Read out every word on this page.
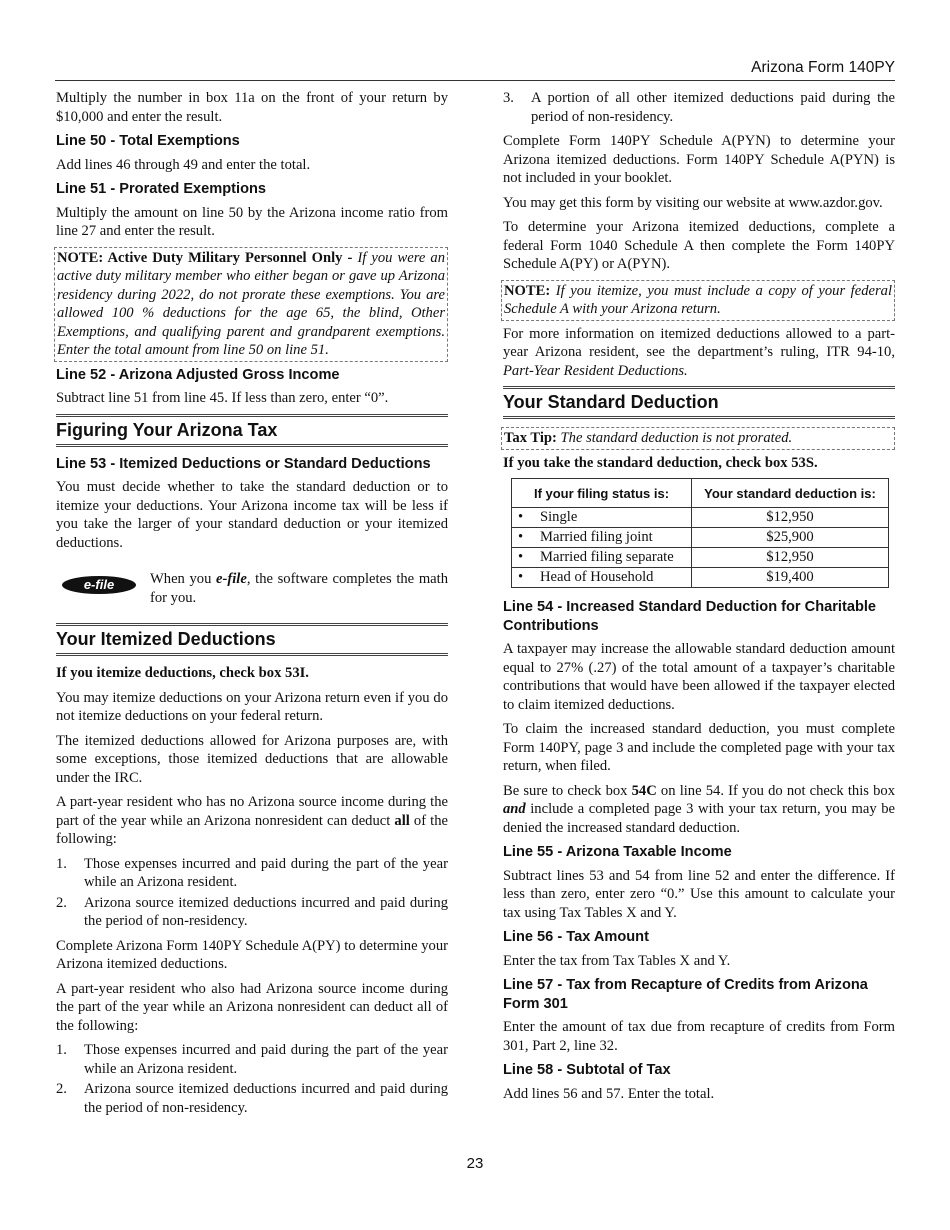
Arizona Form 140PY

Multiply the number in box 11a on the front of your return by $10,000 and enter the result.

Line 50 - Total Exemptions

Add lines 46 through 49 and enter the total.

Line 51 - Prorated Exemptions

Multiply the amount on line 50 by the Arizona income ratio from line 27 and enter the result.

NOTE: Active Duty Military Personnel Only - If you were an active duty military member who either began or gave up Arizona residency during 2022, do not prorate these exemptions. You are allowed 100 % deductions for the age 65, the blind, Other Exemptions, and qualifying parent and grandparent exemptions. Enter the total amount from line 50 on line 51.
Line 52 - Arizona Adjusted Gross Income

Subtract line 51 from line 45. If less than zero, enter “0”.

Figuring Your Arizona Tax
Line 53 - Itemized Deductions or Standard Deductions

You must decide whether to take the standard deduction or to itemize your deductions. Your Arizona income tax will be less if you take the larger of your standard deduction or your itemized deductions.

e-file	When you e-file, the software completes the math for you.

Your Itemized Deductions

If you itemize deductions, check box 53I.

You may itemize deductions on your Arizona return even if you do not itemize deductions on your federal return.

The itemized deductions allowed for Arizona purposes are, with some exceptions, those itemized deductions that are allowable under the IRC.

A part-year resident who has no Arizona source income during the part of the year while an Arizona nonresident can deduct all of the following:

1. Those expenses incurred and paid during the part of the year while an Arizona resident.
2. Arizona source itemized deductions incurred and paid during the period of non-residency.

Complete Arizona Form 140PY Schedule A(PY) to determine your Arizona itemized deductions.

A part-year resident who also had Arizona source income during the part of the year while an Arizona nonresident can deduct all of the following:

1. Those expenses incurred and paid during the part of the year while an Arizona resident.
2. Arizona source itemized deductions incurred and paid during the period of non-residency.
3. A portion of all other itemized deductions paid during the period of non-residency.

Complete Form 140PY Schedule A(PYN) to determine your Arizona itemized deductions. Form 140PY Schedule A(PYN) is not included in your booklet.

You may get this form by visiting our website at www.azdor.gov.

To determine your Arizona itemized deductions, complete a federal Form 1040 Schedule A then complete the Form 140PY Schedule A(PY) or A(PYN).

NOTE: If you itemize, you must include a copy of your federal Schedule A with your Arizona return.

For more information on itemized deductions allowed to a part-year Arizona resident, see the department’s ruling, ITR 94-10, Part-Year Resident Deductions.

Your Standard Deduction
Tax Tip: The standard deduction is not prorated.

If you take the standard deduction, check box 53S.

If your filing status is:	Your standard deduction is:
• Single	$12,950
• Married filing joint	$25,900
• Married filing separate	$12,950
• Head of Household	$19,400
Line 54 - Increased Standard Deduction for Charitable Contributions

A taxpayer may increase the allowable standard deduction amount equal to 27% (.27) of the total amount of a taxpayer’s charitable contributions that would have been allowed if the taxpayer elected to claim itemized deductions.

To claim the increased standard deduction, you must complete Form 140PY, page 3 and include the completed page with your tax return, when filed.

Be sure to check box 54C on line 54. If you do not check this box and include a completed page 3 with your tax return, you may be denied the increased standard deduction.

Line 55 - Arizona Taxable Income

Subtract lines 53 and 54 from line 52 and enter the difference. If less than zero, enter zero “0.” Use this amount to calculate your tax using Tax Tables X and Y.

Line 56 - Tax Amount

Enter the tax from Tax Tables X and Y.

Line 57 - Tax from Recapture of Credits from Arizona Form 301

Enter the amount of tax due from recapture of credits from Form 301, Part 2, line 32.

Line 58 - Subtotal of Tax

Add lines 56 and 57. Enter the total.

23
